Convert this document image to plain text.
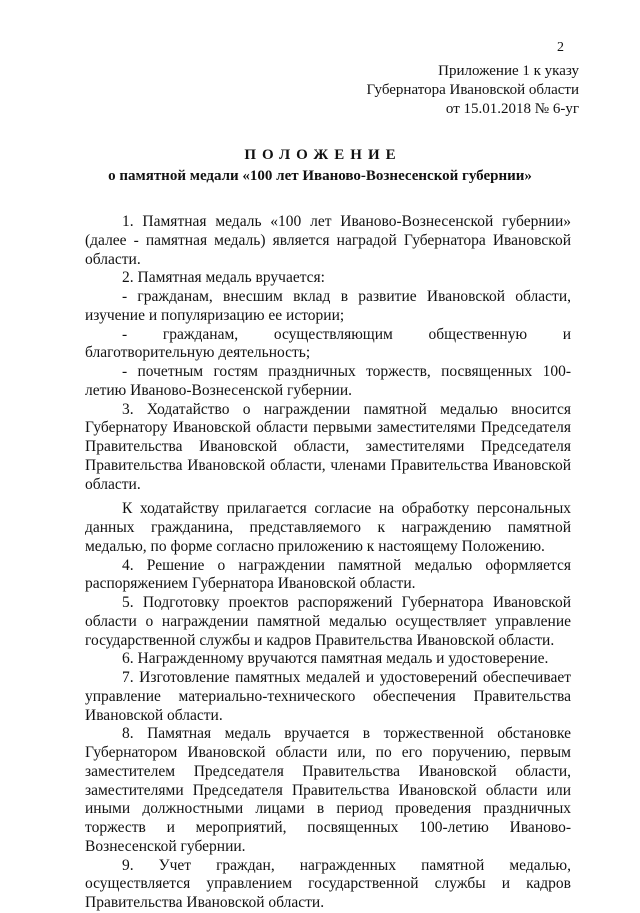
2
Приложение 1 к указу
Губернатора Ивановской области
от 15.01.2018 № 6-уг
ПОЛОЖЕНИЕ
о памятной медали «100 лет Иваново-Вознесенской губернии»

1. Памятная медаль «100 лет Иваново-Вознесенской губернии» (далее - памятная медаль) является наградой Губернатора Ивановской области.

2. Памятная медаль вручается:

- гражданам, внесшим вклад в развитие Ивановской области, изучение и популяризацию ее истории;

- гражданам, осуществляющим общественную и благотворительную деятельность;

- почетным гостям праздничных торжеств, посвященных 100-летию Иваново-Вознесенской губернии.

3. Ходатайство о награждении памятной медалью вносится Губернатору Ивановской области первыми заместителями Председателя Правительства Ивановской области, заместителями Председателя Правительства Ивановской области, членами Правительства Ивановской области.

К ходатайству прилагается согласие на обработку персональных данных гражданина, представляемого к награждению памятной медалью, по форме согласно приложению к настоящему Положению.

4. Решение о награждении памятной медалью оформляется распоряжением Губернатора Ивановской области.

5. Подготовку проектов распоряжений Губернатора Ивановской области о награждении памятной медалью осуществляет управление государственной службы и кадров Правительства Ивановской области.

6. Награжденному вручаются памятная медаль и удостоверение.

7. Изготовление памятных медалей и удостоверений обеспечивает управление материально-технического обеспечения Правительства Ивановской области.

8. Памятная медаль вручается в торжественной обстановке Губернатором Ивановской области или, по его поручению, первым заместителем Председателя Правительства Ивановской области, заместителями Председателя Правительства Ивановской области или иными должностными лицами в период проведения праздничных торжеств и мероприятий, посвященных 100-летию Иваново-Вознесенской губернии.

9. Учет граждан, награжденных памятной медалью, осуществляется управлением государственной службы и кадров Правительства Ивановской области.
